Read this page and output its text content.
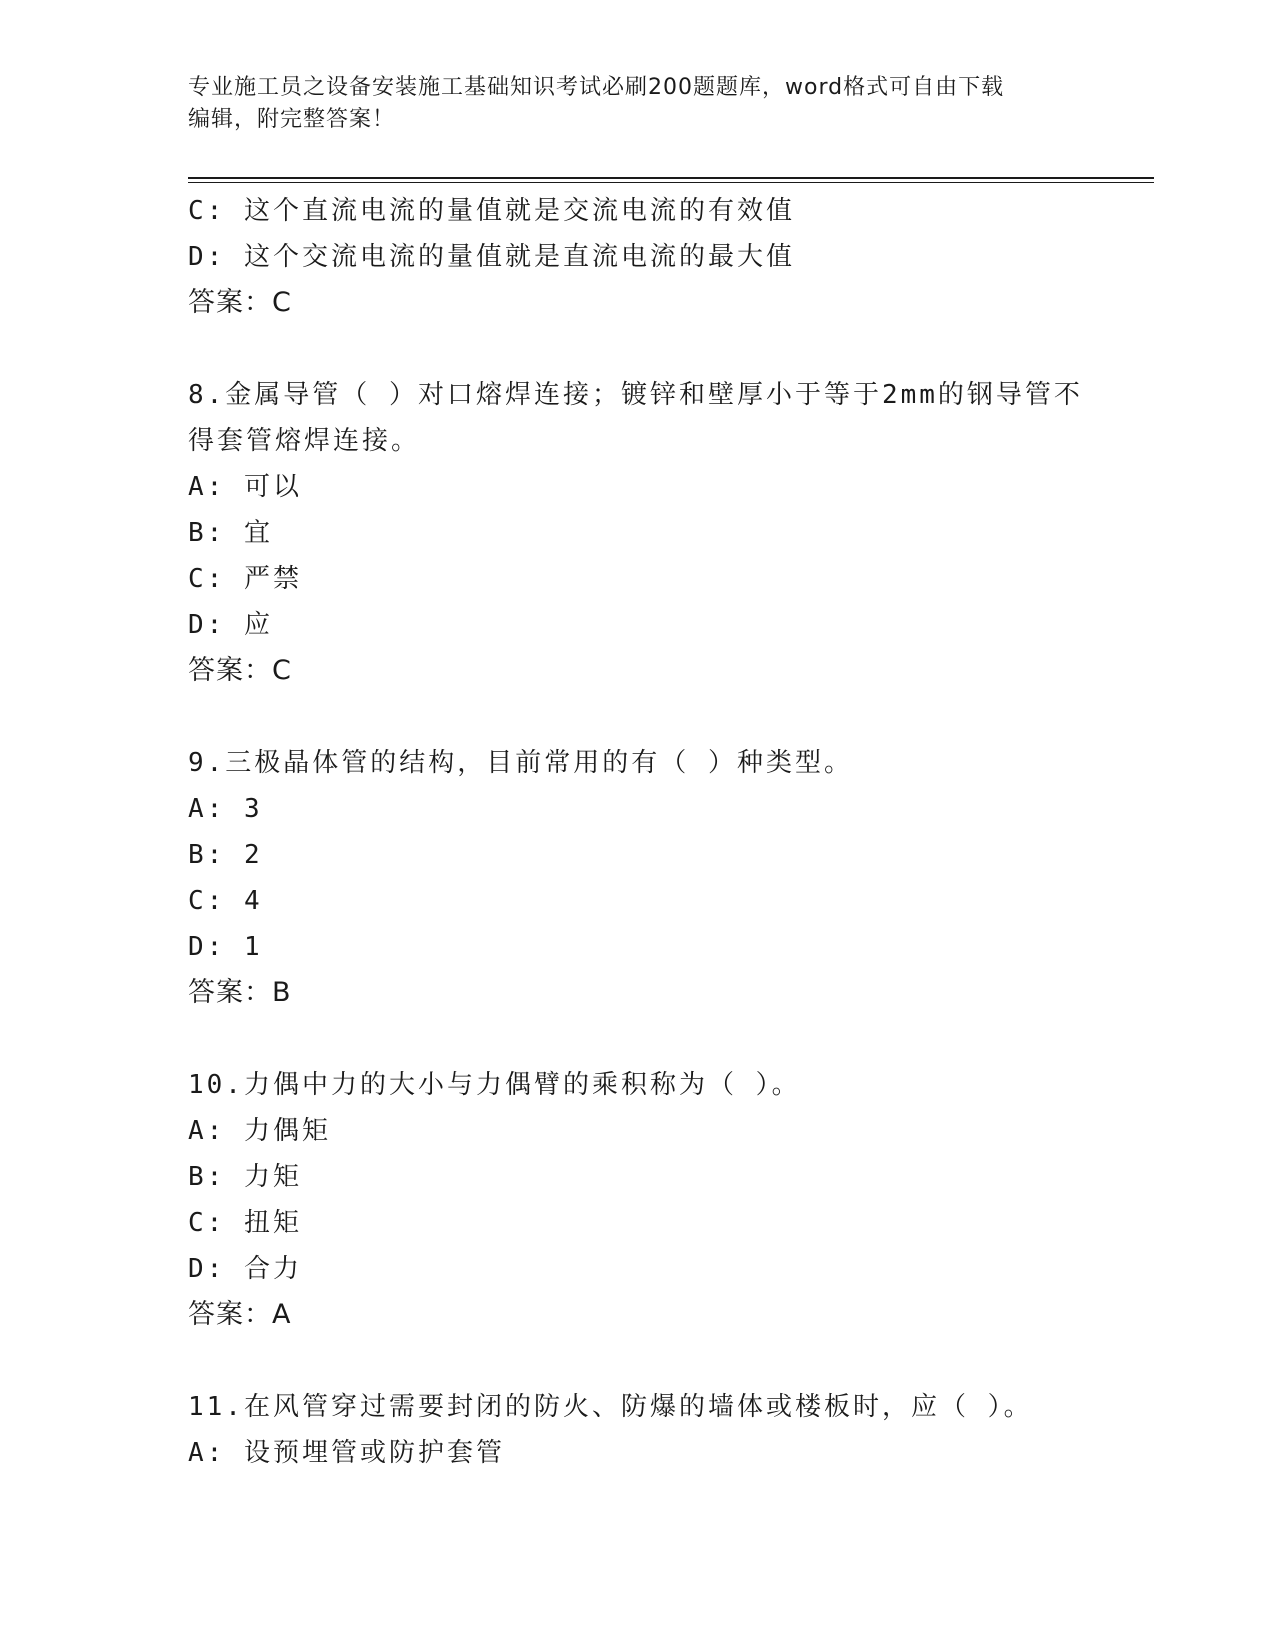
专业施工员之设备安装施工基础知识考试必刷200题题库，word格式可自由下载
编辑，附完整答案！
C: 这个直流电流的量值就是交流电流的有效值
D: 这个交流电流的量值就是直流电流的最大值
答案：C
8.金属导管（ ）对口熔焊连接；镀锌和壁厚小于等于2mm的钢导管不
得套管熔焊连接。
A: 可以
B: 宜
C: 严禁
D: 应
答案：C
9.三极晶体管的结构，目前常用的有（ ）种类型。
A: 3
B: 2
C: 4
D: 1
答案：B
10.力偶中力的大小与力偶臂的乘积称为（ ）。
A: 力偶矩
B: 力矩
C: 扭矩
D: 合力
答案：A
11.在风管穿过需要封闭的防火、防爆的墙体或楼板时，应（ ）。
A: 设预埋管或防护套管
